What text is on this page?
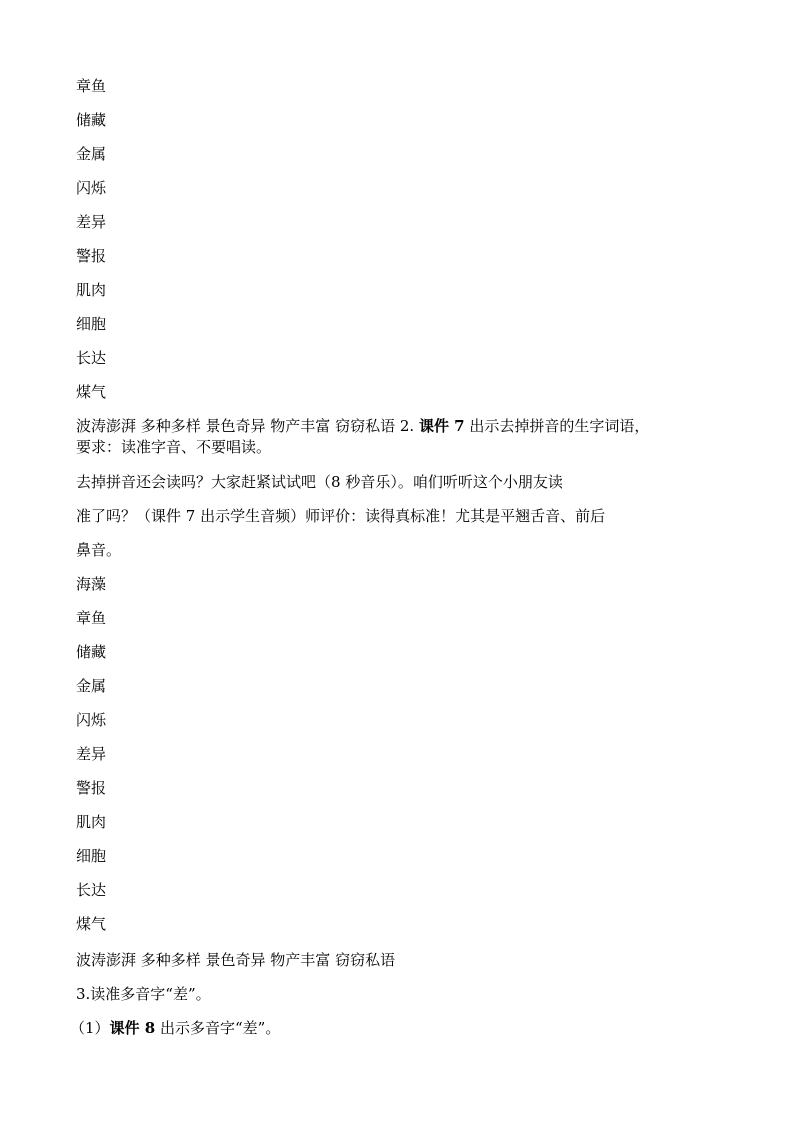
章鱼
储藏
金属
闪烁
差异
警报
肌肉
细胞
长达
煤气
波涛澎湃 多种多样 景色奇异 物产丰富 窃窃私语 2. 课件 7 出示去掉拼音的生字词语，
要求：读准字音、不要唱读。
去掉拼音还会读吗？大家赶紧试试吧（8 秒音乐）。咱们听听这个小朋友读
准了吗？（课件 7 出示学生音频）师评价：读得真标准！尤其是平翘舌音、前后
鼻音。
海藻
章鱼
储藏
金属
闪烁
差异
警报
肌肉
细胞
长达
煤气
波涛澎湃 多种多样 景色奇异 物产丰富 窃窃私语
3.读准多音字“差”。
（1）课件 8 出示多音字“差”。
